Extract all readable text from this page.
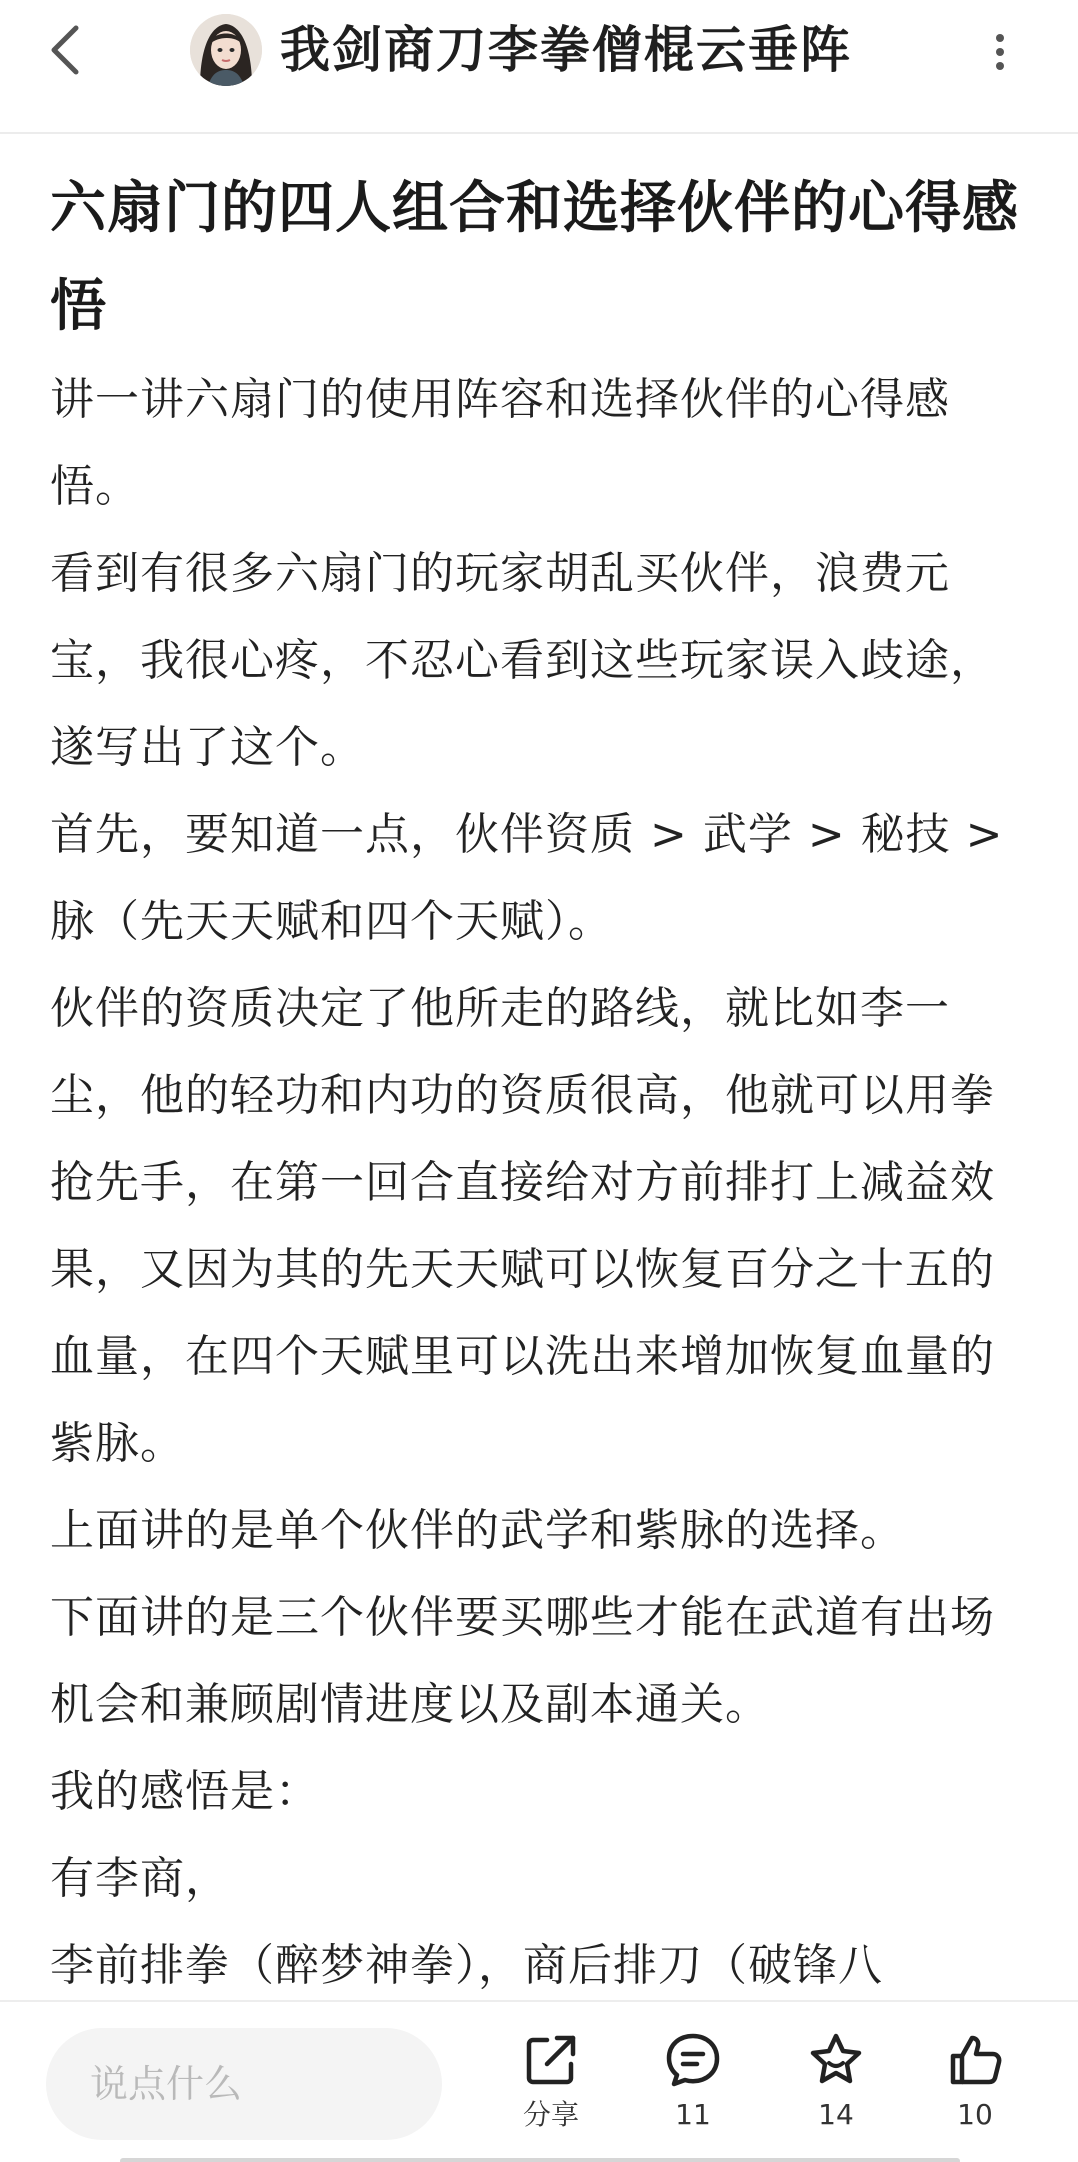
我剑商刀李拳僧棍云垂阵
六扇门的四人组合和选择伙伴的心得感悟

讲一讲六扇门的使用阵容和选择伙伴的心得感悟。

看到有很多六扇门的玩家胡乱买伙伴，浪费元宝，我很心疼，不忍心看到这些玩家误入歧途，遂写出了这个。

首先，要知道一点，伙伴资质 > 武学 > 秘技 > 脉（先天天赋和四个天赋）。

伙伴的资质决定了他所走的路线，就比如李一尘，他的轻功和内功的资质很高，他就可以用拳抢先手，在第一回合直接给对方前排打上减益效果，又因为其的先天天赋可以恢复百分之十五的血量，在四个天赋里可以洗出来增加恢复血量的紫脉。

上面讲的是单个伙伴的武学和紫脉的选择。

下面讲的是三个伙伴要买哪些才能在武道有出场机会和兼顾剧情进度以及副本通关。

我的感悟是：

有李商，

李前排拳（醉梦神拳），商后排刀（破锋八

说点什么
分享	11	14	10
